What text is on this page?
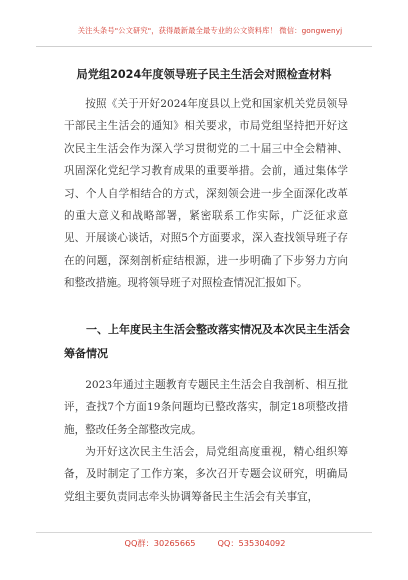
关注头条号"公文研究"，获得最新最全最专业的公文资料库！ 微信：gongwenyj
局党组2024年度领导班子民主生活会对照检查材料
按照《关于开好2024年度县以上党和国家机关党员领导干部民主生活会的通知》相关要求，市局党组坚持把开好这次民主生活会作为深入学习贯彻党的二十届三中全会精神、巩固深化党纪学习教育成果的重要举措。会前，通过集体学习、个人自学相结合的方式，深刻领会进一步全面深化改革的重大意义和战略部署，紧密联系工作实际，广泛征求意见、开展谈心谈话，对照5个方面要求，深入查找领导班子存在的问题，深刻剖析症结根源，进一步明确了下步努力方向和整改措施。现将领导班子对照检查情况汇报如下。
一、上年度民主生活会整改落实情况及本次民主生活会筹备情况
2023年通过主题教育专题民主生活会自我剖析、相互批评，查找7个方面19条问题均已整改落实，制定18项整改措施，整改任务全部整改完成。
为开好这次民主生活会，局党组高度重视，精心组织筹备，及时制定了工作方案，多次召开专题会议研究，明确局党组主要负责同志牵头协调筹备民主生活会有关事宜，
QQ群：30265665	QQ：535304092
